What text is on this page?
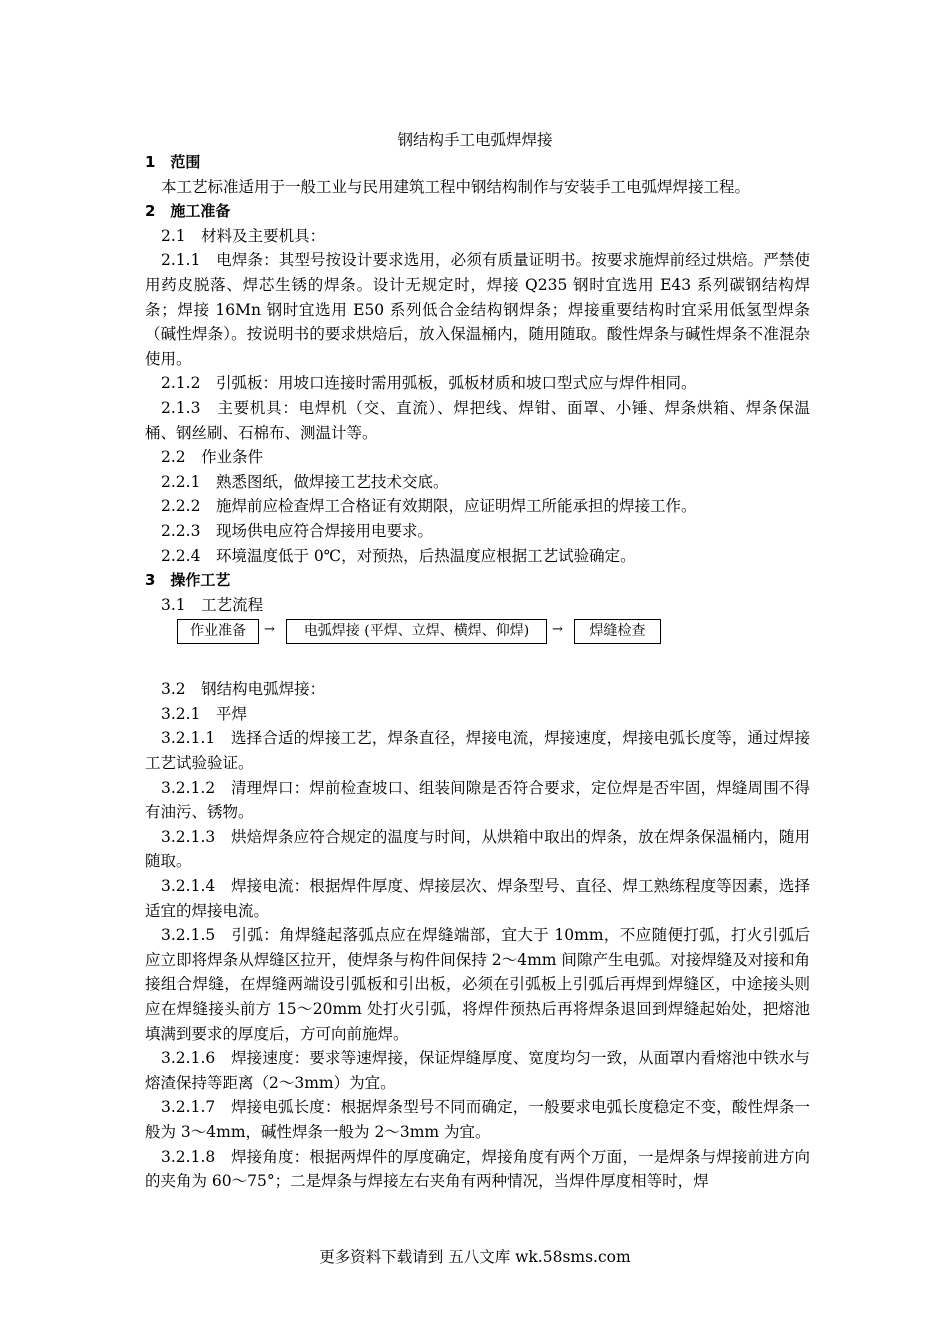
钢结构手工电弧焊焊接

1　范围

本工艺标准适用于一般工业与民用建筑工程中钢结构制作与安装手工电弧焊焊接工程。

2　施工准备

2.1　材料及主要机具：

2.1.1　电焊条：其型号按设计要求选用，必须有质量证明书。按要求施焊前经过烘焙。严禁使用药皮脱落、焊芯生锈的焊条。设计无规定时，焊接 Q235 钢时宜选用 E43 系列碳钢结构焊条；焊接 16Mn 钢时宜选用 E50 系列低合金结构钢焊条；焊接重要结构时宜采用低氢型焊条（碱性焊条）。按说明书的要求烘焙后，放入保温桶内，随用随取。酸性焊条与碱性焊条不准混杂使用。

2.1.2　引弧板：用坡口连接时需用弧板，弧板材质和坡口型式应与焊件相同。

2.1.3　主要机具：电焊机（交、直流）、焊把线、焊钳、面罩、小锤、焊条烘箱、焊条保温桶、钢丝刷、石棉布、测温计等。

2.2　作业条件

2.2.1　熟悉图纸，做焊接工艺技术交底。

2.2.2　施焊前应检查焊工合格证有效期限，应证明焊工所能承担的焊接工作。

2.2.3　现场供电应符合焊接用电要求。

2.2.4　环境温度低于 0℃，对预热，后热温度应根据工艺试验确定。

3　操作工艺

3.1　工艺流程

作业准备	→	电弧焊接 (平焊、立焊、横焊、仰焊)	→	焊缝检查

3.2　钢结构电弧焊接：

3.2.1　平焊

3.2.1.1　选择合适的焊接工艺，焊条直径，焊接电流，焊接速度，焊接电弧长度等，通过焊接工艺试验验证。

3.2.1.2　清理焊口：焊前检查坡口、组装间隙是否符合要求，定位焊是否牢固，焊缝周围不得有油污、锈物。

3.2.1.3　烘焙焊条应符合规定的温度与时间，从烘箱中取出的焊条，放在焊条保温桶内，随用随取。

3.2.1.4　焊接电流：根据焊件厚度、焊接层次、焊条型号、直径、焊工熟练程度等因素，选择适宜的焊接电流。

3.2.1.5　引弧：角焊缝起落弧点应在焊缝端部，宜大于 10mm，不应随便打弧，打火引弧后应立即将焊条从焊缝区拉开，使焊条与构件间保持 2～4mm 间隙产生电弧。对接焊缝及对接和角接组合焊缝，在焊缝两端设引弧板和引出板，必须在引弧板上引弧后再焊到焊缝区，中途接头则应在焊缝接头前方 15～20mm 处打火引弧，将焊件预热后再将焊条退回到焊缝起始处，把熔池填满到要求的厚度后，方可向前施焊。

3.2.1.6　焊接速度：要求等速焊接，保证焊缝厚度、宽度均匀一致，从面罩内看熔池中铁水与熔渣保持等距离（2～3mm）为宜。

3.2.1.7　焊接电弧长度：根据焊条型号不同而确定，一般要求电弧长度稳定不变，酸性焊条一般为 3～4mm，碱性焊条一般为 2～3mm 为宜。

3.2.1.8　焊接角度：根据两焊件的厚度确定，焊接角度有两个万面，一是焊条与焊接前进方向的夹角为 60～75°；二是焊条与焊接左右夹角有两种情况，当焊件厚度相等时，焊

更多资料下载请到 五八文库 wk.58sms.com
